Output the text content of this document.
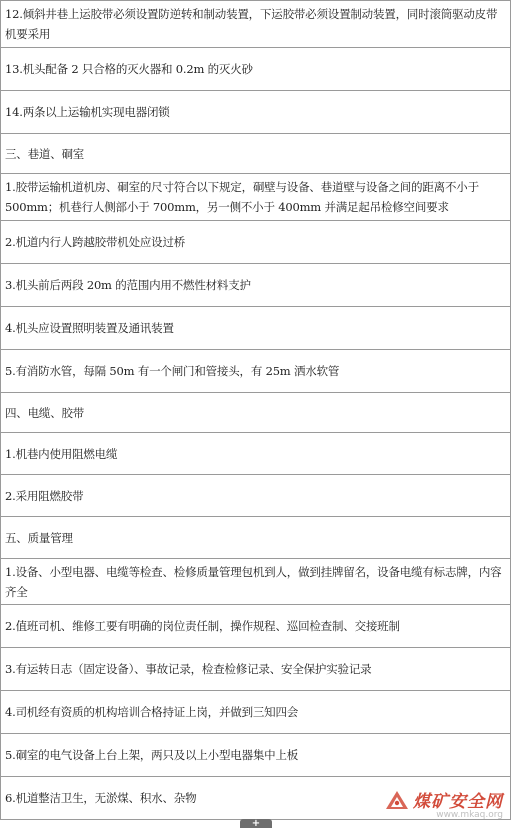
12.倾斜井巷上运胶带必须设置防逆转和制动装置，下运胶带必须设置制动装置，同时滚筒驱动皮带机要采用
13.机头配备 2 只合格的灭火器和 0.2m 的灭火砂
14.两条以上运输机实现电器闭锁
三、巷道、硐室
1.胶带运输机道机房、硐室的尺寸符合以下规定，硐壁与设备、巷道壁与设备之间的距离不小于 500mm；机巷行人侧部小于 700mm，另一侧不小于 400mm 并满足起吊检修空间要求
2.机道内行人跨越胶带机处应设过桥
3.机头前后两段 20m 的范围内用不燃性材料支护
4.机头应设置照明装置及通讯装置
5.有消防水管，每隔 50m 有一个闸门和管接头，有 25m 洒水软管
四、电缆、胶带
1.机巷内使用阻燃电缆
2.采用阻燃胶带
五、质量管理
1.设备、小型电器、电缆等检查、检修质量管理包机到人，做到挂牌留名，设备电缆有标志牌，内容齐全
2.值班司机、维修工要有明确的岗位责任制，操作规程、巡回检查制、交接班制
3.有运转日志（固定设备）、事故记录，检查检修记录、安全保护实验记录
4.司机经有资质的机构培训合格持证上岗，并做到三知四会
5.硐室的电气设备上台上架，两只及以上小型电器集中上板
6.机道整洁卫生，无淤煤、积水、杂物	煤矿安全网
www.mkaq.org
+
